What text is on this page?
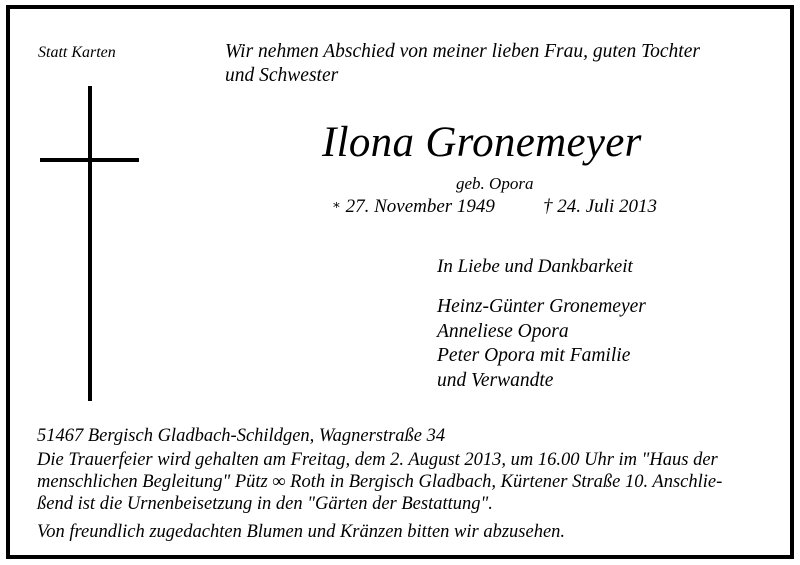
Statt Karten	Wir nehmen Abschied von meiner lieben Frau, guten Tochter
und Schwester
Ilona Gronemeyer
geb. Opora
∗ 27. November 1949	† 24. Juli 2013
In Liebe und Dankbarkeit
Heinz-Günter Gronemeyer
Anneliese Opora
Peter Opora mit Familie
und Verwandte
51467 Bergisch Gladbach-Schildgen, Wagnerstraße 34
Die Trauerfeier wird gehalten am Freitag, dem 2. August 2013, um 16.00 Uhr im "Haus der
menschlichen Begleitung" Pütz ∞ Roth in Bergisch Gladbach, Kürtener Straße 10. Anschlie-
ßend ist die Urnenbeisetzung in den "Gärten der Bestattung".
Von freundlich zugedachten Blumen und Kränzen bitten wir abzusehen.
